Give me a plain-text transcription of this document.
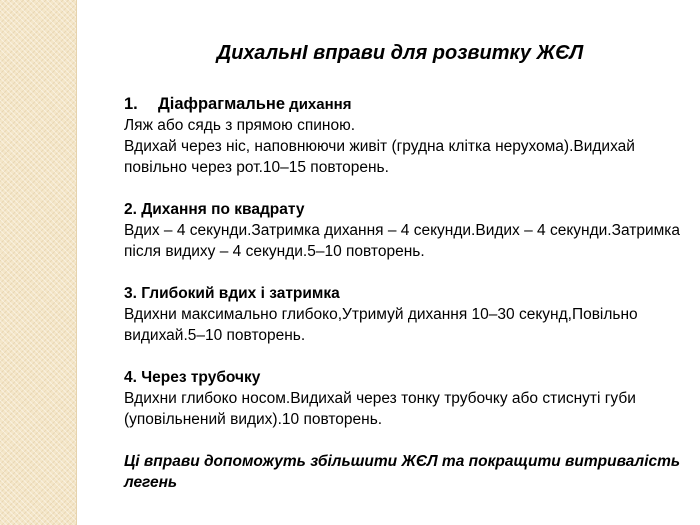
ДихальнІ вправи для розвитку ЖЄЛ

1. Діафрагмальне дихання

Ляж або сядь з прямою спиною.

Вдихай через ніс, наповнюючи живіт (грудна клітка нерухома).Видихай повільно через рот.10–15 повторень.

2. Дихання по квадрату

Вдих – 4 секунди.Затримка дихання – 4 секунди.Видих – 4 секунди.Затримка після видиху – 4 секунди.5–10 повторень.

3. Глибокий вдих і затримка

Вдихни максимально глибоко,Утримуй дихання 10–30 секунд,Повільно видихай.5–10 повторень.

4. Через трубочку

Вдихни глибоко носом.Видихай через тонку трубочку або стиснуті губи (уповільнений видих).10 повторень.

Ці вправи допоможуть збільшити ЖЄЛ та покращити витривалість легень
